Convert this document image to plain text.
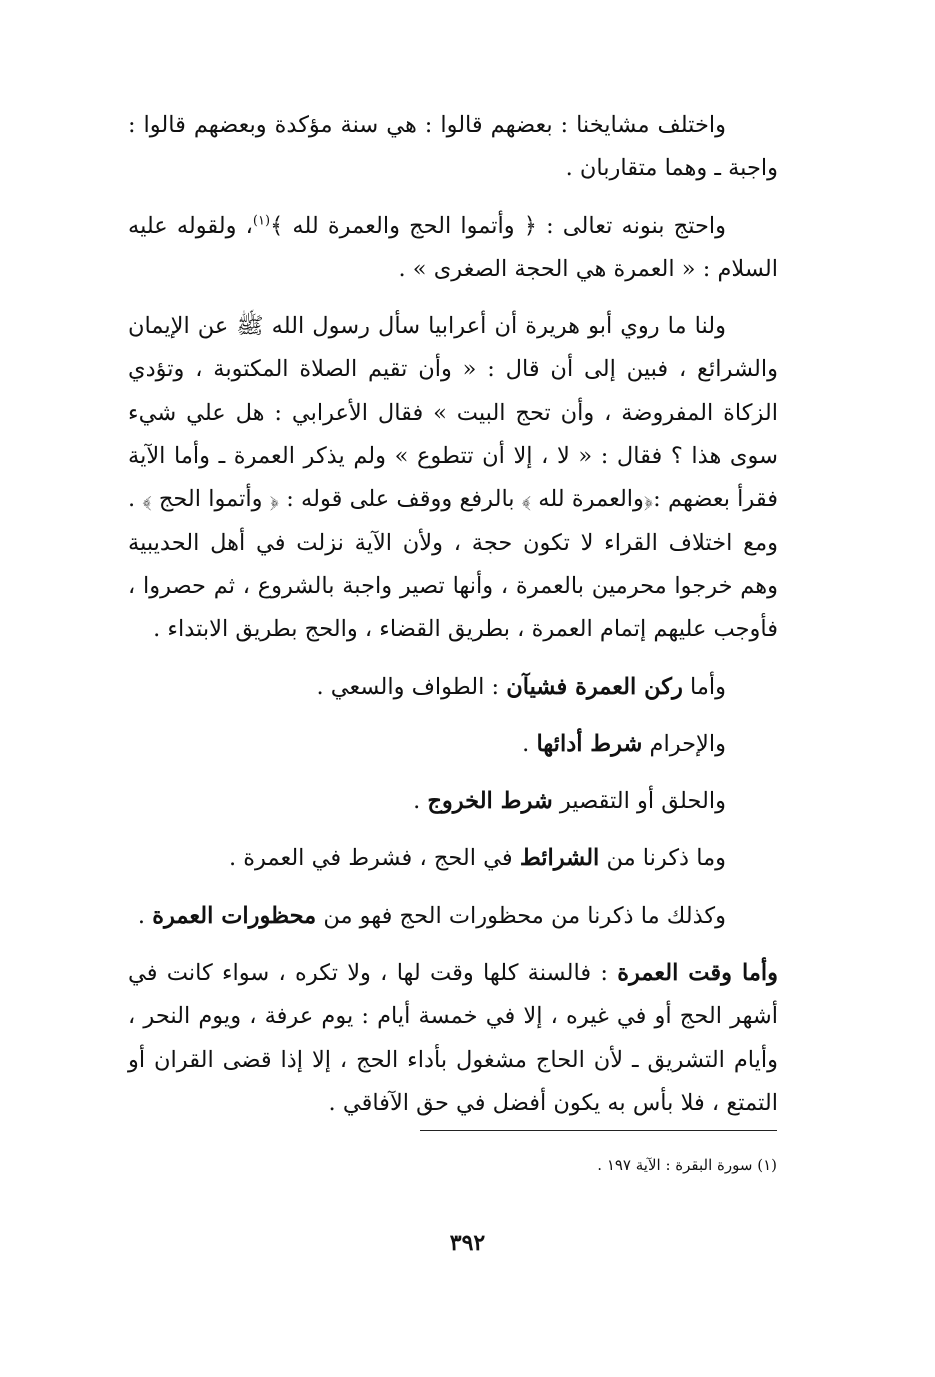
واختلف مشايخنا : بعضهم قالوا : هي سنة مؤكدة وبعضهم قالوا : واجبة ـ وهما متقاربان .
واحتج بنونه تعالى : ﴿ وأتموا الحج والعمرة لله ﴾$^{(١)}$، ولقوله عليه السلام : « العمرة هي الحجة الصغرى » .
ولنا ما روي أبو هريرة أن أعرابيا سأل رسول الله ﷺ عن الإيمان والشرائع ، فبين إلى أن قال : « وأن تقيم الصلاة المكتوبة ، وتؤدي الزكاة المفروضة ، وأن تحج البيت » فقال الأعرابي : هل علي شيء سوى هذا ؟ فقال : « لا ، إلا أن تتطوع » ولم يذكر العمرة ـ وأما الآية فقرأ بعضهم :﴿والعمرة لله ﴾ بالرفع ووقف على قوله : ﴿ وأتموا الحج ﴾ . ومع اختلاف القراء لا تكون حجة ، ولأن الآية نزلت في أهل الحديبية وهم خرجوا محرمين بالعمرة ، وأنها تصير واجبة بالشروع ، ثم حصروا ، فأوجب عليهم إتمام العمرة ، بطريق القضاء ، والحج بطريق الابتداء .
وأما ركن العمرة فشيآن : الطواف والسعي .
والإحرام شرط أدائها .
والحلق أو التقصير شرط الخروج .
وما ذكرنا من الشرائط في الحج ، فشرط في العمرة .
وكذلك ما ذكرنا من محظورات الحج فهو من محظورات العمرة .
وأما وقت العمرة : فالسنة كلها وقت لها ، ولا تكره ، سواء كانت في أشهر الحج أو في غيره ، إلا في خمسة أيام : يوم عرفة ، ويوم النحر ، وأيام التشريق ـ لأن الحاج مشغول بأداء الحج ، إلا إذا قضى القران أو التمتع ، فلا بأس به يكون أفضل في حق الآفاقي .
(١) سورة البقرة : الآية ١٩٧ .
٣٩٢
